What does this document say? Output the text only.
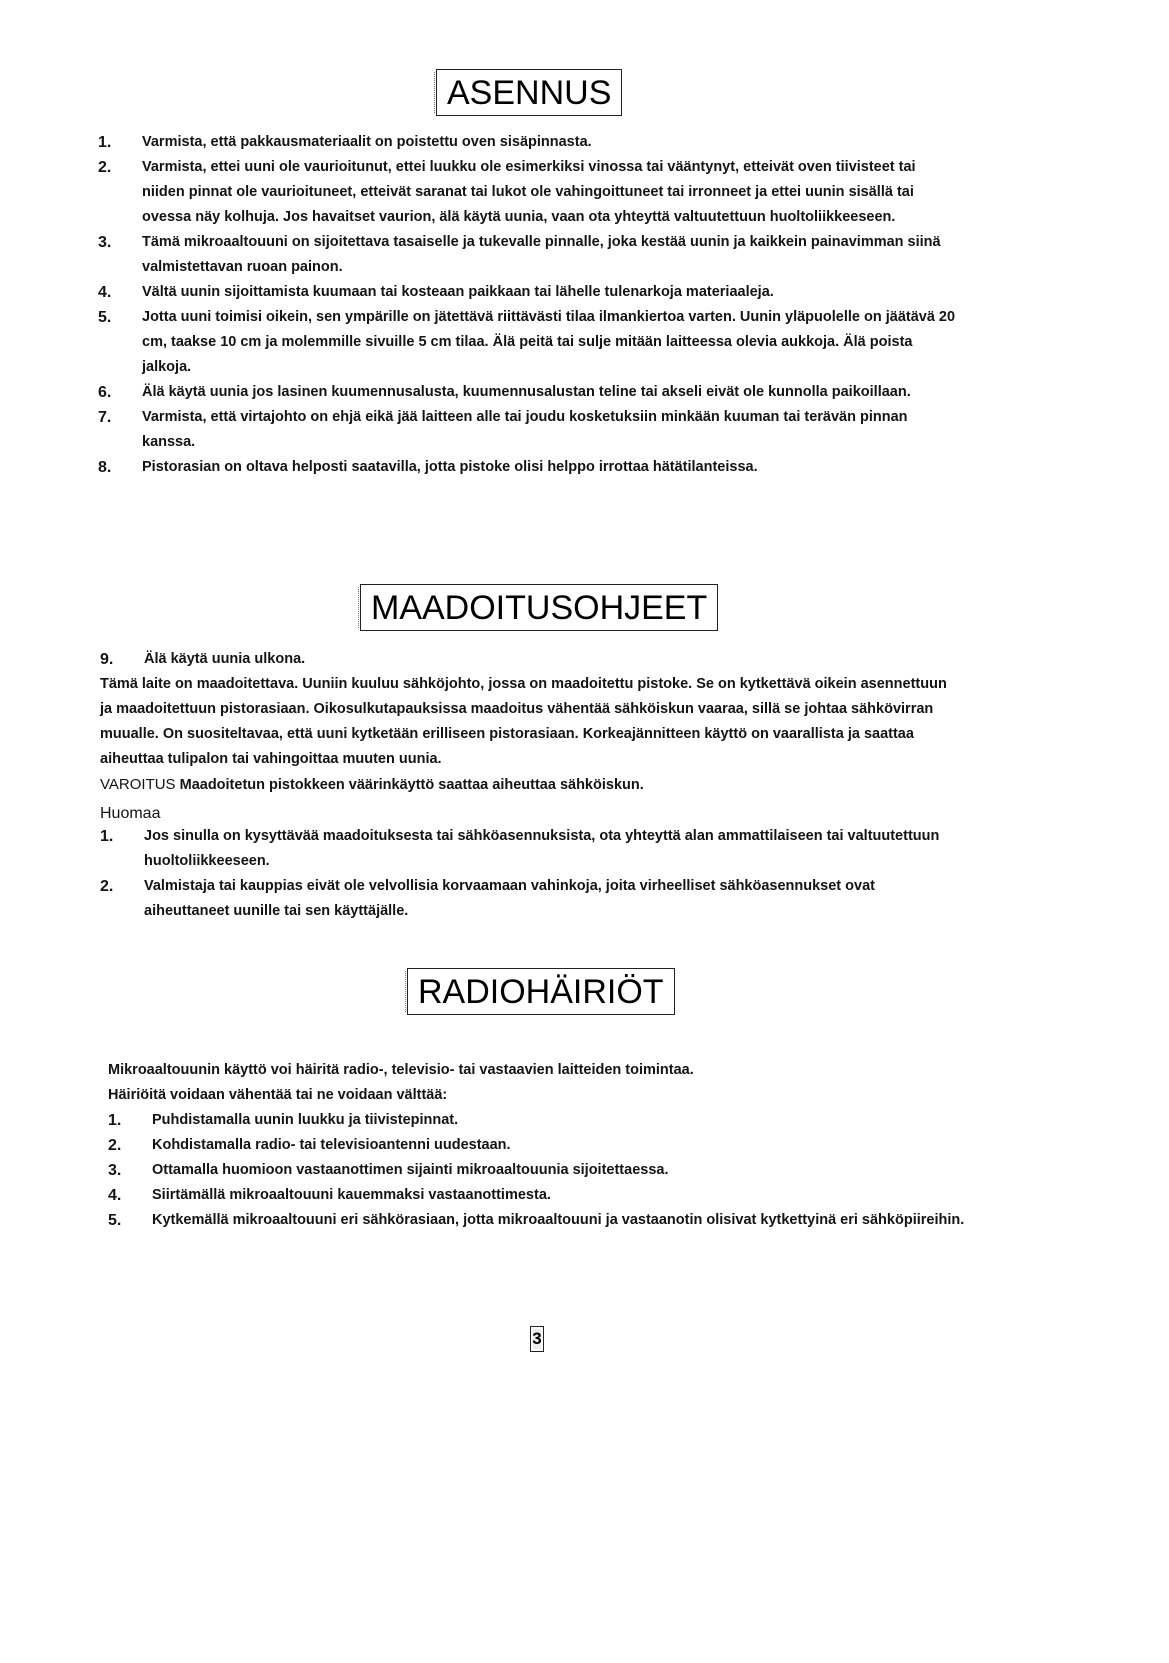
ASENNUS
1. Varmista, että pakkausmateriaalit on poistettu oven sisäpinnasta.

2. Varmista, ettei uuni ole vaurioitunut, ettei luukku ole esimerkiksi vinossa tai vääntynyt, etteivät oven tiivisteet tai niiden pinnat ole vaurioituneet, etteivät saranat tai lukot ole vahingoittuneet tai irronneet ja ettei uunin sisällä tai ovessa näy kolhuja. Jos havaitset vaurion, älä käytä uunia, vaan ota yhteyttä valtuutettuun huoltoliikkeeseen.

3. Tämä mikroaaltouuni on sijoitettava tasaiselle ja tukevalle pinnalle, joka kestää uunin ja kaikkein painavimman siinä valmistettavan ruoan painon.

4. Vältä uunin sijoittamista kuumaan tai kosteaan paikkaan tai lähelle tulenarkoja materiaaleja.

5. Jotta uuni toimisi oikein, sen ympärille on jätettävä riittävästi tilaa ilmankiertoa varten. Uunin yläpuolelle on jäätävä 20 cm, taakse 10 cm ja molemmille sivuille 5 cm tilaa. Älä peitä tai sulje mitään laitteessa olevia aukkoja. Älä poista jalkoja.

6. Älä käytä uunia jos lasinen kuumennusalusta, kuumennusalustan teline tai akseli eivät ole kunnolla paikoillaan.

7. Varmista, että virtajohto on ehjä eikä jää laitteen alle tai joudu kosketuksiin minkään kuuman tai terävän pinnan kanssa.

8. Pistorasian on oltava helposti saatavilla, jotta pistoke olisi helppo irrottaa hätätilanteissa.

MAADOITUSOHJEET
9. Älä käytä uunia ulkona.

Tämä laite on maadoitettava. Uuniin kuuluu sähköjohto, jossa on maadoitettu pistoke. Se on kytkettävä oikein asennettuun ja maadoitettuun pistorasiaan. Oikosulkutapauksissa maadoitus vähentää sähköiskun vaaraa, sillä se johtaa sähkövirran muualle. On suositeltavaa, että uuni kytketään erilliseen pistorasiaan. Korkeajännitteen käyttö on vaarallista ja saattaa aiheuttaa tulipalon tai vahingoittaa muuten uunia.

VAROITUS Maadoitetun pistokkeen väärinkäyttö saattaa aiheuttaa sähköiskun.

Huomaa

1. Jos sinulla on kysyttävää maadoituksesta tai sähköasennuksista, ota yhteyttä alan ammattilaiseen tai valtuutettuun huoltoliikkeeseen.

2. Valmistaja tai kauppias eivät ole velvollisia korvaamaan vahinkoja, joita virheelliset sähköasennukset ovat aiheuttaneet uunille tai sen käyttäjälle.

RADIOHÄIRIÖT

Mikroaaltouunin käyttö voi häiritä radio-, televisio- tai vastaavien laitteiden toimintaa.

Häiriöitä voidaan vähentää tai ne voidaan välttää:

1. Puhdistamalla uunin luukku ja tiivistepinnat.

2. Kohdistamalla radio- tai televisioantenni uudestaan.

3. Ottamalla huomioon vastaanottimen sijainti mikroaaltouunia sijoitettaessa.

4. Siirtämällä mikroaaltouuni kauemmaksi vastaanottimesta.

5. Kytkemällä mikroaaltouuni eri sähkörasiaan, jotta mikroaaltouuni ja vastaanotin olisivat kytkettyinä eri sähköpiireihin.

3
